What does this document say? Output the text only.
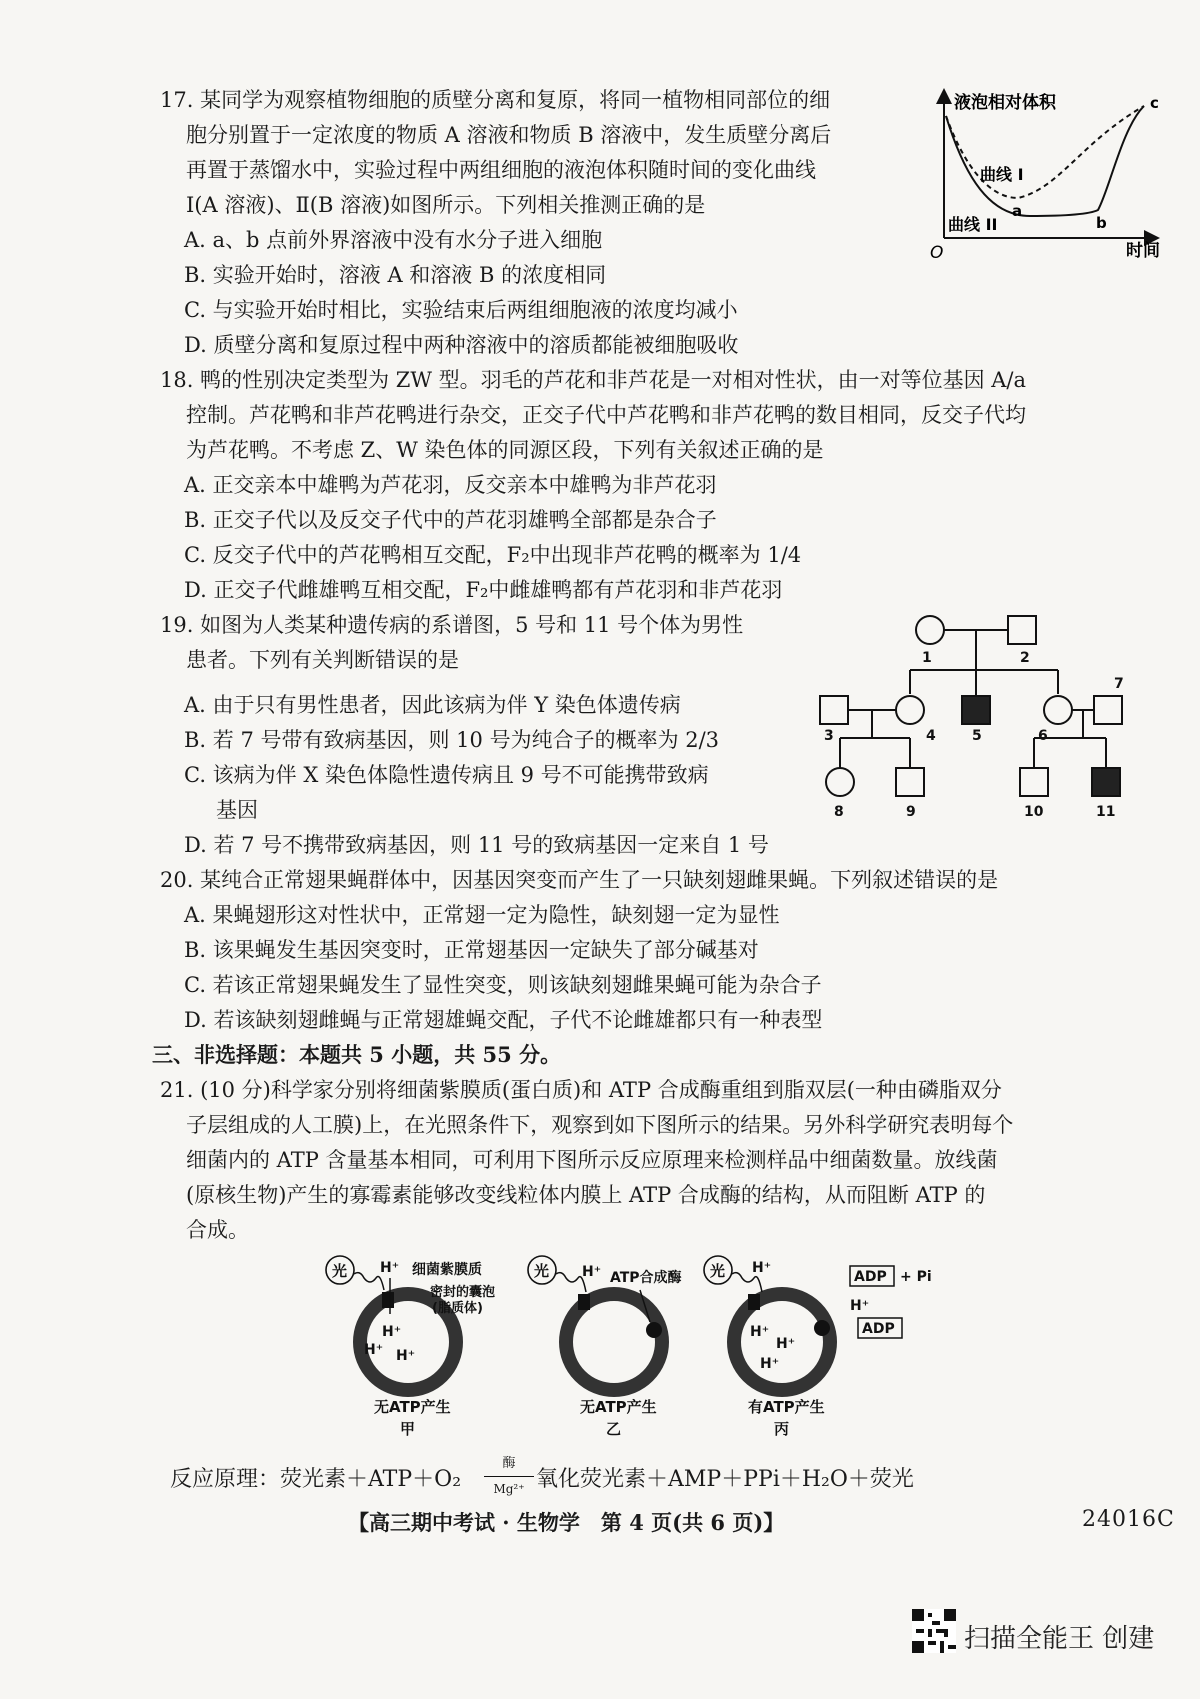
17. 某同学为观察植物细胞的质壁分离和复原，将同一植物相同部位的细
胞分别置于一定浓度的物质 A 溶液和物质 B 溶液中，发生质壁分离后
再置于蒸馏水中，实验过程中两组细胞的液泡体积随时间的变化曲线
Ⅰ(A 溶液)、Ⅱ(B 溶液)如图所示。下列相关推测正确的是
A. a、b 点前外界溶液中没有水分子进入细胞
B. 实验开始时，溶液 A 和溶液 B 的浓度相同
C. 与实验开始时相比，实验结束后两组细胞液的浓度均减小
D. 质壁分离和复原过程中两种溶液中的溶质都能被细胞吸收
液泡相对体积
时间
O
曲线 I
曲线 II
a
b
c
18. 鸭的性别决定类型为 ZW 型。羽毛的芦花和非芦花是一对相对性状，由一对等位基因 A/a
控制。芦花鸭和非芦花鸭进行杂交，正交子代中芦花鸭和非芦花鸭的数目相同，反交子代均
为芦花鸭。不考虑 Z、W 染色体的同源区段，下列有关叙述正确的是
A. 正交亲本中雄鸭为芦花羽，反交亲本中雄鸭为非芦花羽
B. 正交子代以及反交子代中的芦花羽雄鸭全部都是杂合子
C. 反交子代中的芦花鸭相互交配，F₂中出现非芦花鸭的概率为 1/4
D. 正交子代雌雄鸭互相交配，F₂中雌雄鸭都有芦花羽和非芦花羽
19. 如图为人类某种遗传病的系谱图，5 号和 11 号个体为男性
患者。下列有关判断错误的是
A. 由于只有男性患者，因此该病为伴 Y 染色体遗传病
B. 若 7 号带有致病基因，则 10 号为纯合子的概率为 2/3
C. 该病为伴 X 染色体隐性遗传病且 9 号不可能携带致病
基因
D. 若 7 号不携带致病基因，则 11 号的致病基因一定来自 1 号
1	2
3	4	5	6
7
8	9	10	11
20. 某纯合正常翅果蝇群体中，因基因突变而产生了一只缺刻翅雌果蝇。下列叙述错误的是
A. 果蝇翅形这对性状中，正常翅一定为隐性，缺刻翅一定为显性
B. 该果蝇发生基因突变时，正常翅基因一定缺失了部分碱基对
C. 若该正常翅果蝇发生了显性突变，则该缺刻翅雌果蝇可能为杂合子
D. 若该缺刻翅雌蝇与正常翅雄蝇交配，子代不论雌雄都只有一种表型
三、非选择题：本题共 5 小题，共 55 分。
21. (10 分)科学家分别将细菌紫膜质(蛋白质)和 ATP 合成酶重组到脂双层(一种由磷脂双分
子层组成的人工膜)上，在光照条件下，观察到如下图所示的结果。另外科学研究表明每个
细菌内的 ATP 含量基本相同，可利用下图所示反应原理来检测样品中细菌数量。放线菌
(原核生物)产生的寡霉素能够改变线粒体内膜上 ATP 合成酶的结构，从而阻断 ATP 的
合成。
光 H⁺ 细菌紫膜质
密封的囊泡
(脂质体)
H⁺
H⁺ H⁺
无ATP产生
甲
光 H⁺ ATP合成酶
无ATP产生
乙
光 H⁺
ADP + Pi
H⁺
ADP
H⁺
H⁺
H⁺
有ATP产生
丙
反应原理：荧光素＋ATP＋O₂
酶
Mg²⁺ 氧化荧光素＋AMP＋PPi＋H₂O＋荧光
【高三期中考试 · 生物学　第 4 页(共 6 页)】	24016C
扫描全能王 创建
